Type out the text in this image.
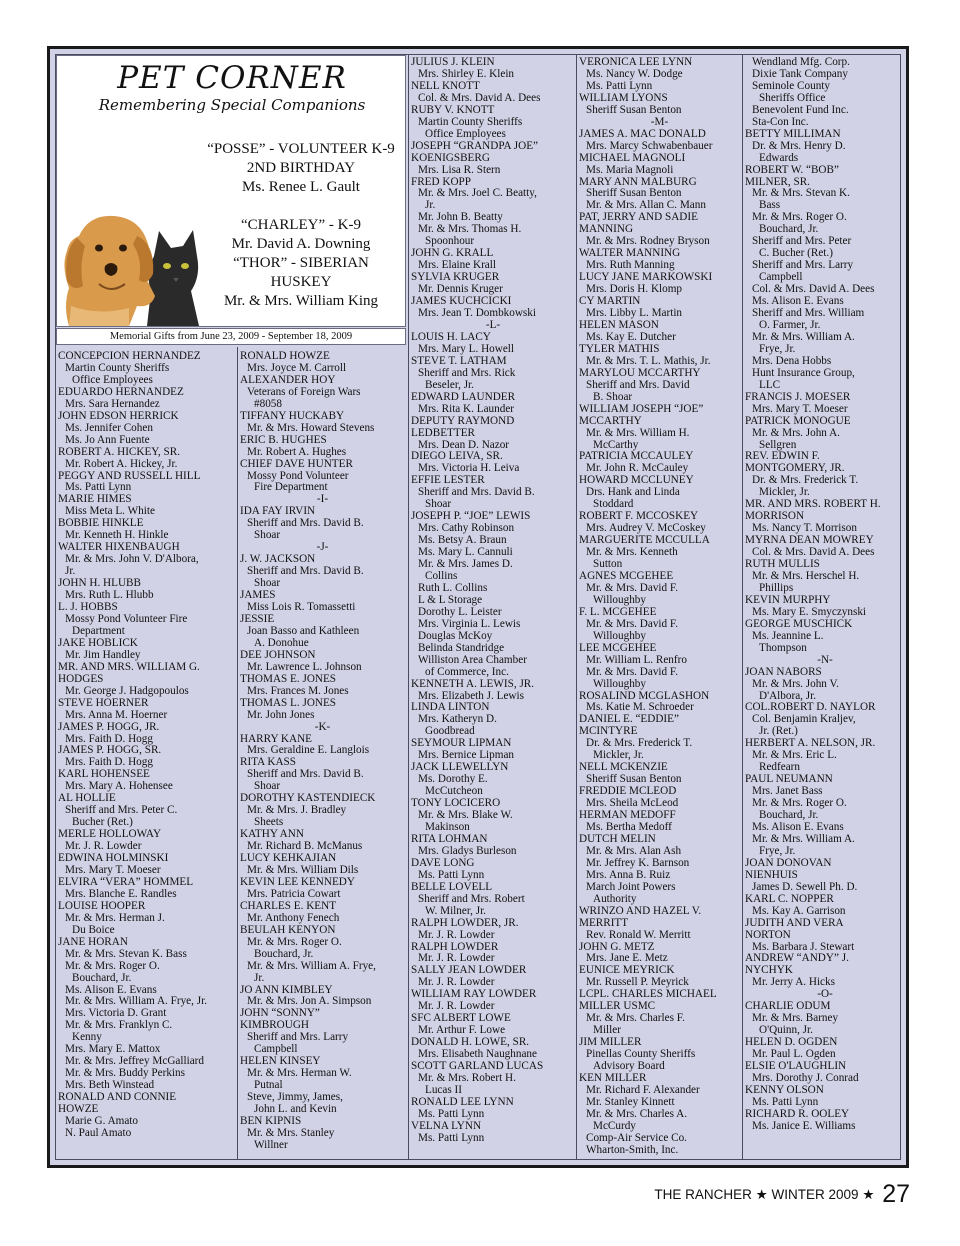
PET CORNER
Remembering Special Companions
“POSSE” - VOLUNTEER K-9
2ND BIRTHDAY
Ms. Renee L. Gault
“CHARLEY” - K-9
Mr. David A. Downing
“THOR” - SIBERIAN
HUSKEY
Mr. & Mrs. William King
Memorial Gifts from June 23, 2009 - September 18, 2009
CONCEPCION HERNANDEZ
Martin County Sheriffs
Office Employees
EDUARDO HERNANDEZ
Mrs. Sara Hernandez
JOHN EDSON HERRICK
Ms. Jennifer Cohen
Ms. Jo Ann Fuente
ROBERT A. HICKEY, SR.
Mr. Robert A. Hickey, Jr.
PEGGY AND RUSSELL HILL
Ms. Patti Lynn
MARIE HIMES
Miss Meta L. White
BOBBIE HINKLE
Mr. Kenneth H. Hinkle
WALTER HIXENBAUGH
Mr. & Mrs. John V. D'Albora,
Jr.
JOHN H. HLUBB
Mrs. Ruth L. Hlubb
L. J. HOBBS
Mossy Pond Volunteer Fire
Department
JAKE HOBLICK
Mr. Jim Handley
MR. AND MRS. WILLIAM G.
HODGES
Mr. George J. Hadgopoulos
STEVE HOERNER
Mrs. Anna M. Hoerner
JAMES P. HOGG, JR.
Mrs. Faith D. Hogg
JAMES P. HOGG, SR.
Mrs. Faith D. Hogg
KARL HOHENSEE
Mrs. Mary A. Hohensee
AL HOLLIE
Sheriff and Mrs. Peter C.
Bucher (Ret.)
MERLE HOLLOWAY
Mr. J. R. Lowder
EDWINA HOLMINSKI
Mrs. Mary T. Moeser
ELVIRA “VERA” HOMMEL
Mrs. Blanche E. Randles
LOUISE HOOPER
Mr. & Mrs. Herman J.
Du Boice
JANE HORAN
Mr. & Mrs. Stevan K. Bass
Mr. & Mrs. Roger O.
Bouchard, Jr.
Ms. Alison E. Evans
Mr. & Mrs. William A. Frye, Jr.
Mrs. Victoria D. Grant
Mr. & Mrs. Franklyn C.
Kenny
Mrs. Mary E. Mattox
Mr. & Mrs. Jeffrey McGalliard
Mr. & Mrs. Buddy Perkins
Mrs. Beth Winstead
RONALD AND CONNIE
HOWZE
Marie G. Amato
N. Paul Amato
RONALD HOWZE
Mrs. Joyce M. Carroll
ALEXANDER HOY
Veterans of Foreign Wars
#8058
TIFFANY HUCKABY
Mr. & Mrs. Howard Stevens
ERIC B. HUGHES
Mr. Robert A. Hughes
CHIEF DAVE HUNTER
Mossy Pond Volunteer
Fire Department
-I-
IDA FAY IRVIN
Sheriff and Mrs. David B.
Shoar
-J-
J. W. JACKSON
Sheriff and Mrs. David B.
Shoar
JAMES
Miss Lois R. Tomassetti
JESSIE
Joan Basso and Kathleen
A. Donohue
DEE JOHNSON
Mr. Lawrence L. Johnson
THOMAS E. JONES
Mrs. Frances M. Jones
THOMAS L. JONES
Mr. John Jones
-K-
HARRY KANE
Mrs. Geraldine E. Langlois
RITA KASS
Sheriff and Mrs. David B.
Shoar
DOROTHY KASTENDIECK
Mr. & Mrs. J. Bradley
Sheets
KATHY ANN
Mr. Richard B. McManus
LUCY KEHKAJIAN
Mr. & Mrs. William Dils
KEVIN LEE KENNEDY
Mrs. Patricia Cowart
CHARLES E. KENT
Mr. Anthony Fenech
BEULAH KENYON
Mr. & Mrs. Roger O.
Bouchard, Jr.
Mr. & Mrs. William A. Frye,
Jr.
JO ANN KIMBLEY
Mr. & Mrs. Jon A. Simpson
JOHN “SONNY”
KIMBROUGH
Sheriff and Mrs. Larry
Campbell
HELEN KINSEY
Mr. & Mrs. Herman W.
Putnal
Steve, Jimmy, James,
John L. and Kevin
BEN KIPNIS
Mr. & Mrs. Stanley
Willner
JULIUS J. KLEIN
Mrs. Shirley E. Klein
NELL KNOTT
Col. & Mrs. David A. Dees
RUBY V. KNOTT
Martin County Sheriffs
Office Employees
JOSEPH “GRANDPA JOE”
KOENIGSBERG
Mrs. Lisa R. Stern
FRED KOPP
Mr. & Mrs. Joel C. Beatty,
Jr.
Mr. John B. Beatty
Mr. & Mrs. Thomas H.
Spoonhour
JOHN G. KRALL
Mrs. Elaine Krall
SYLVIA KRUGER
Mr. Dennis Kruger
JAMES KUCHCICKI
Mrs. Jean T. Dombkowski
-L-
LOUIS H. LACY
Mrs. Mary L. Howell
STEVE T. LATHAM
Sheriff and Mrs. Rick
Beseler, Jr.
EDWARD LAUNDER
Mrs. Rita K. Launder
DEPUTY RAYMOND
LEDBETTER
Mrs. Dean D. Nazor
DIEGO LEIVA, SR.
Mrs. Victoria H. Leiva
EFFIE LESTER
Sheriff and Mrs. David B.
Shoar
JOSEPH P. “JOE” LEWIS
Mrs. Cathy Robinson
Ms. Betsy A. Braun
Ms. Mary L. Cannuli
Mr. & Mrs. James D.
Collins
Ruth L. Collins
L & L Storage
Dorothy L. Leister
Mrs. Virginia L. Lewis
Douglas McKoy
Belinda Standridge
Williston Area Chamber
of Commerce, Inc.
KENNETH A. LEWIS, JR.
Mrs. Elizabeth J. Lewis
LINDA LINTON
Mrs. Katheryn D.
Goodbread
SEYMOUR LIPMAN
Mrs. Bernice Lipman
JACK LLEWELLYN
Ms. Dorothy E.
McCutcheon
TONY LOCICERO
Mr. & Mrs. Blake W.
Makinson
RITA LOHMAN
Mrs. Gladys Burleson
DAVE LONG
Ms. Patti Lynn
BELLE LOVELL
Sheriff and Mrs. Robert
W. Milner, Jr.
RALPH LOWDER, JR.
Mr. J. R. Lowder
RALPH LOWDER
Mr. J. R. Lowder
SALLY JEAN LOWDER
Mr. J. R. Lowder
WILLIAM RAY LOWDER
Mr. J. R. Lowder
SFC ALBERT LOWE
Mr. Arthur F. Lowe
DONALD H. LOWE, SR.
Mrs. Elisabeth Naughnane
SCOTT GARLAND LUCAS
Mr. & Mrs. Robert H.
Lucas II
RONALD LEE LYNN
Ms. Patti Lynn
VELNA LYNN
Ms. Patti Lynn
VERONICA LEE LYNN
Ms. Nancy W. Dodge
Ms. Patti Lynn
WILLIAM LYONS
Sheriff Susan Benton
-M-
JAMES A. MAC DONALD
Mrs. Marcy Schwabenbauer
MICHAEL MAGNOLI
Ms. Maria Magnoli
MARY ANN MALBURG
Sheriff Susan Benton
Mr. & Mrs. Allan C. Mann
PAT, JERRY AND SADIE
MANNING
Mr. & Mrs. Rodney Bryson
WALTER MANNING
Mrs. Ruth Manning
LUCY JANE MARKOWSKI
Mrs. Doris H. Klomp
CY MARTIN
Mrs. Libby L. Martin
HELEN MASON
Ms. Kay E. Dutcher
TYLER MATHIS
Mr. & Mrs. T. L. Mathis, Jr.
MARYLOU MCCARTHY
Sheriff and Mrs. David
B. Shoar
WILLIAM JOSEPH “JOE”
MCCARTHY
Mr. & Mrs. William H.
McCarthy
PATRICIA MCCAULEY
Mr. John R. McCauley
HOWARD MCCLUNEY
Drs. Hank and Linda
Stoddard
ROBERT F. MCCOSKEY
Mrs. Audrey V. McCoskey
MARGUERITE MCCULLA
Mr. & Mrs. Kenneth
Sutton
AGNES MCGEHEE
Mr. & Mrs. David F.
Willoughby
F. L. MCGEHEE
Mr. & Mrs. David F.
Willoughby
LEE MCGEHEE
Mr. William L. Renfro
Mr. & Mrs. David F.
Willoughby
ROSALIND MCGLASHON
Ms. Katie M. Schroeder
DANIEL E. “EDDIE”
MCINTYRE
Dr. & Mrs. Frederick T.
Mickler, Jr.
NELL MCKENZIE
Sheriff Susan Benton
FREDDIE MCLEOD
Mrs. Sheila McLeod
HERMAN MEDOFF
Ms. Bertha Medoff
DUTCH MELIN
Mr. & Mrs. Alan Ash
Mr. Jeffrey K. Barnson
Mrs. Anna B. Ruiz
March Joint Powers
Authority
WRINZO AND HAZEL V.
MERRITT
Rev. Ronald W. Merritt
JOHN G. METZ
Mrs. Jane E. Metz
EUNICE MEYRICK
Mr. Russell P. Meyrick
LCPL. CHARLES MICHAEL
MILLER USMC
Mr. & Mrs. Charles F.
Miller
JIM MILLER
Pinellas County Sheriffs
Advisory Board
KEN MILLER
Mr. Richard F. Alexander
Mr. Stanley Kinnett
Mr. & Mrs. Charles A.
McCurdy
Comp-Air Service Co.
Wharton-Smith, Inc.
Wendland Mfg. Corp.
Dixie Tank Company
Seminole County
Sheriffs Office
Benevolent Fund Inc.
Sta-Con Inc.
BETTY MILLIMAN
Dr. & Mrs. Henry D.
Edwards
ROBERT W. “BOB”
MILNER, SR.
Mr. & Mrs. Stevan K.
Bass
Mr. & Mrs. Roger O.
Bouchard, Jr.
Sheriff and Mrs. Peter
C. Bucher (Ret.)
Sheriff and Mrs. Larry
Campbell
Col. & Mrs. David A. Dees
Ms. Alison E. Evans
Sheriff and Mrs. William
O. Farmer, Jr.
Mr. & Mrs. William A.
Frye, Jr.
Mrs. Dena Hobbs
Hunt Insurance Group,
LLC
FRANCIS J. MOESER
Mrs. Mary T. Moeser
PATRICK MONOGUE
Mr. & Mrs. John A.
Sellgren
REV. EDWIN F.
MONTGOMERY, JR.
Dr. & Mrs. Frederick T.
Mickler, Jr.
MR. AND MRS. ROBERT H.
MORRISON
Ms. Nancy T. Morrison
MYRNA DEAN MOWREY
Col. & Mrs. David A. Dees
RUTH MULLIS
Mr. & Mrs. Herschel H.
Phillips
KEVIN MURPHY
Ms. Mary E. Smyczynski
GEORGE MUSCHICK
Ms. Jeannine L.
Thompson
-N-
JOAN NABORS
Mr. & Mrs. John V.
D'Albora, Jr.
COL.ROBERT D. NAYLOR
Col. Benjamin Kraljev,
Jr. (Ret.)
HERBERT A. NELSON, JR.
Mr. & Mrs. Eric L.
Redfearn
PAUL NEUMANN
Mrs. Janet Bass
Mr. & Mrs. Roger O.
Bouchard, Jr.
Ms. Alison E. Evans
Mr. & Mrs. William A.
Frye, Jr.
JOAN DONOVAN
NIENHUIS
James D. Sewell Ph. D.
KARL C. NOPPER
Ms. Kay A. Garrison
JUDITH AND VERA
NORTON
Ms. Barbara J. Stewart
ANDREW “ANDY” J.
NYCHYK
Mr. Jerry A. Hicks
-O-
CHARLIE ODUM
Mr. & Mrs. Barney
O'Quinn, Jr.
HELEN D. OGDEN
Mr. Paul L. Ogden
ELSIE O'LAUGHLIN
Mrs. Dorothy J. Conrad
KENNY OLSON
Ms. Patti Lynn
RICHARD R. OOLEY
Ms. Janice E. Williams
THE RANCHER ★ WINTER 2009 ★ 27
